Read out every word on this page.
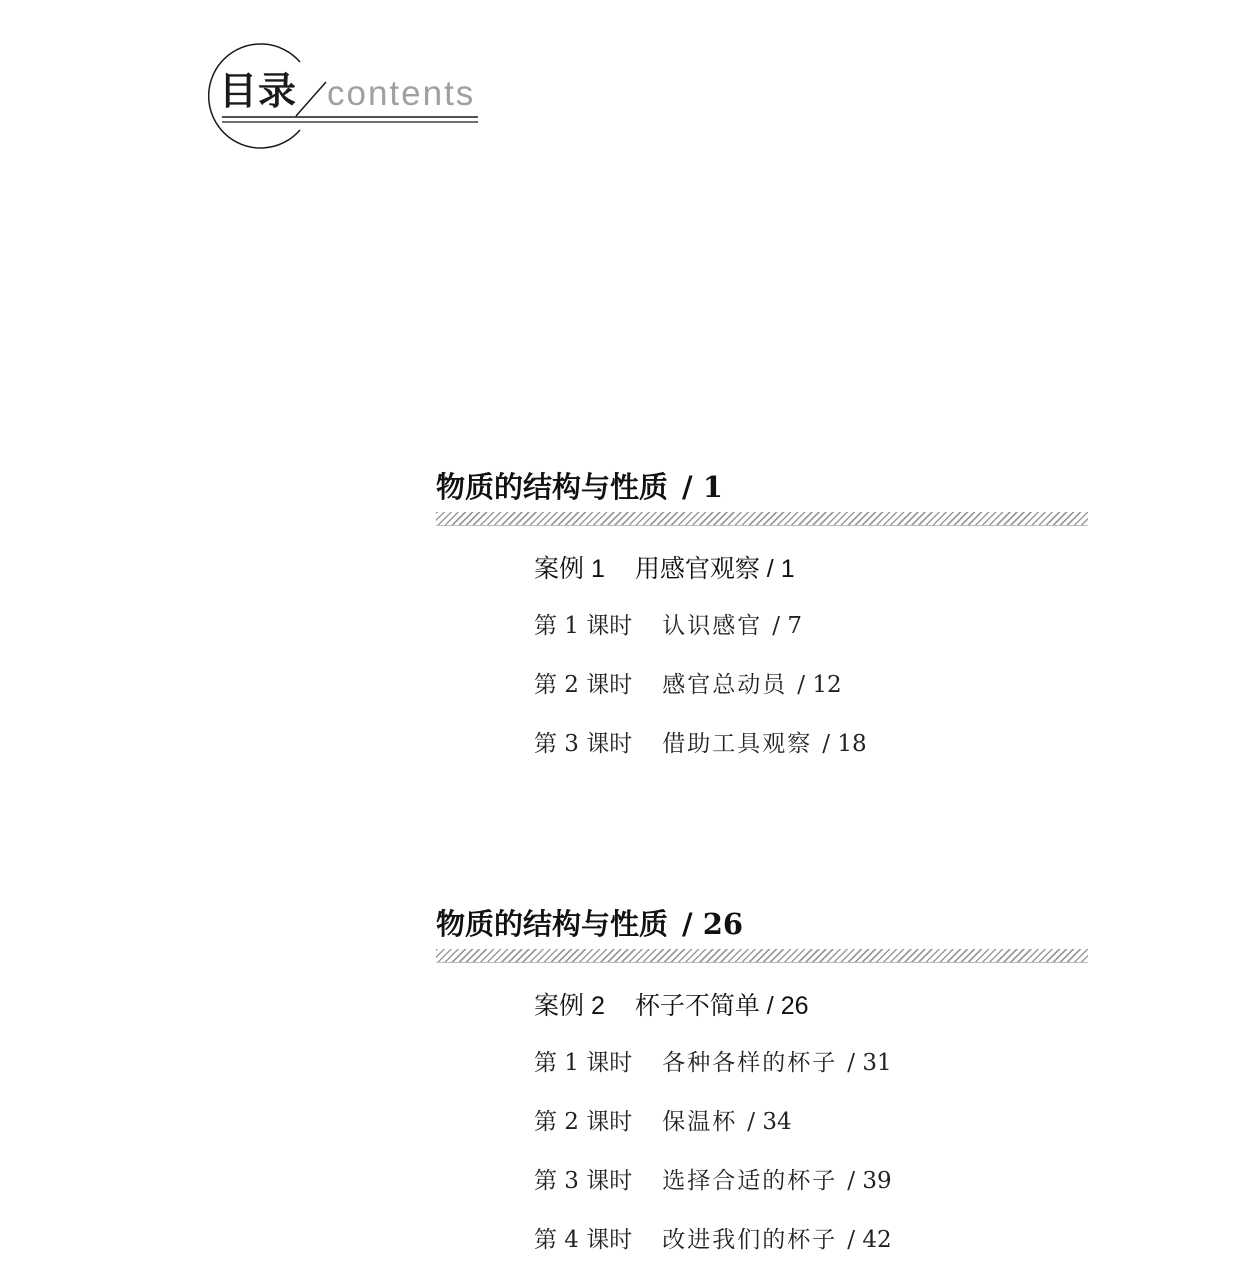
目录 contents
物质的结构与性质 / 1
案例 1 用感官观察 / 1
第 1 课时 认识感官 / 7
第 2 课时 感官总动员 / 12
第 3 课时 借助工具观察 / 18
物质的结构与性质 / 26
案例 2 杯子不简单 / 26
第 1 课时 各种各样的杯子 / 31
第 2 课时 保温杯 / 34
第 3 课时 选择合适的杯子 / 39
第 4 课时 改进我们的杯子 / 42
